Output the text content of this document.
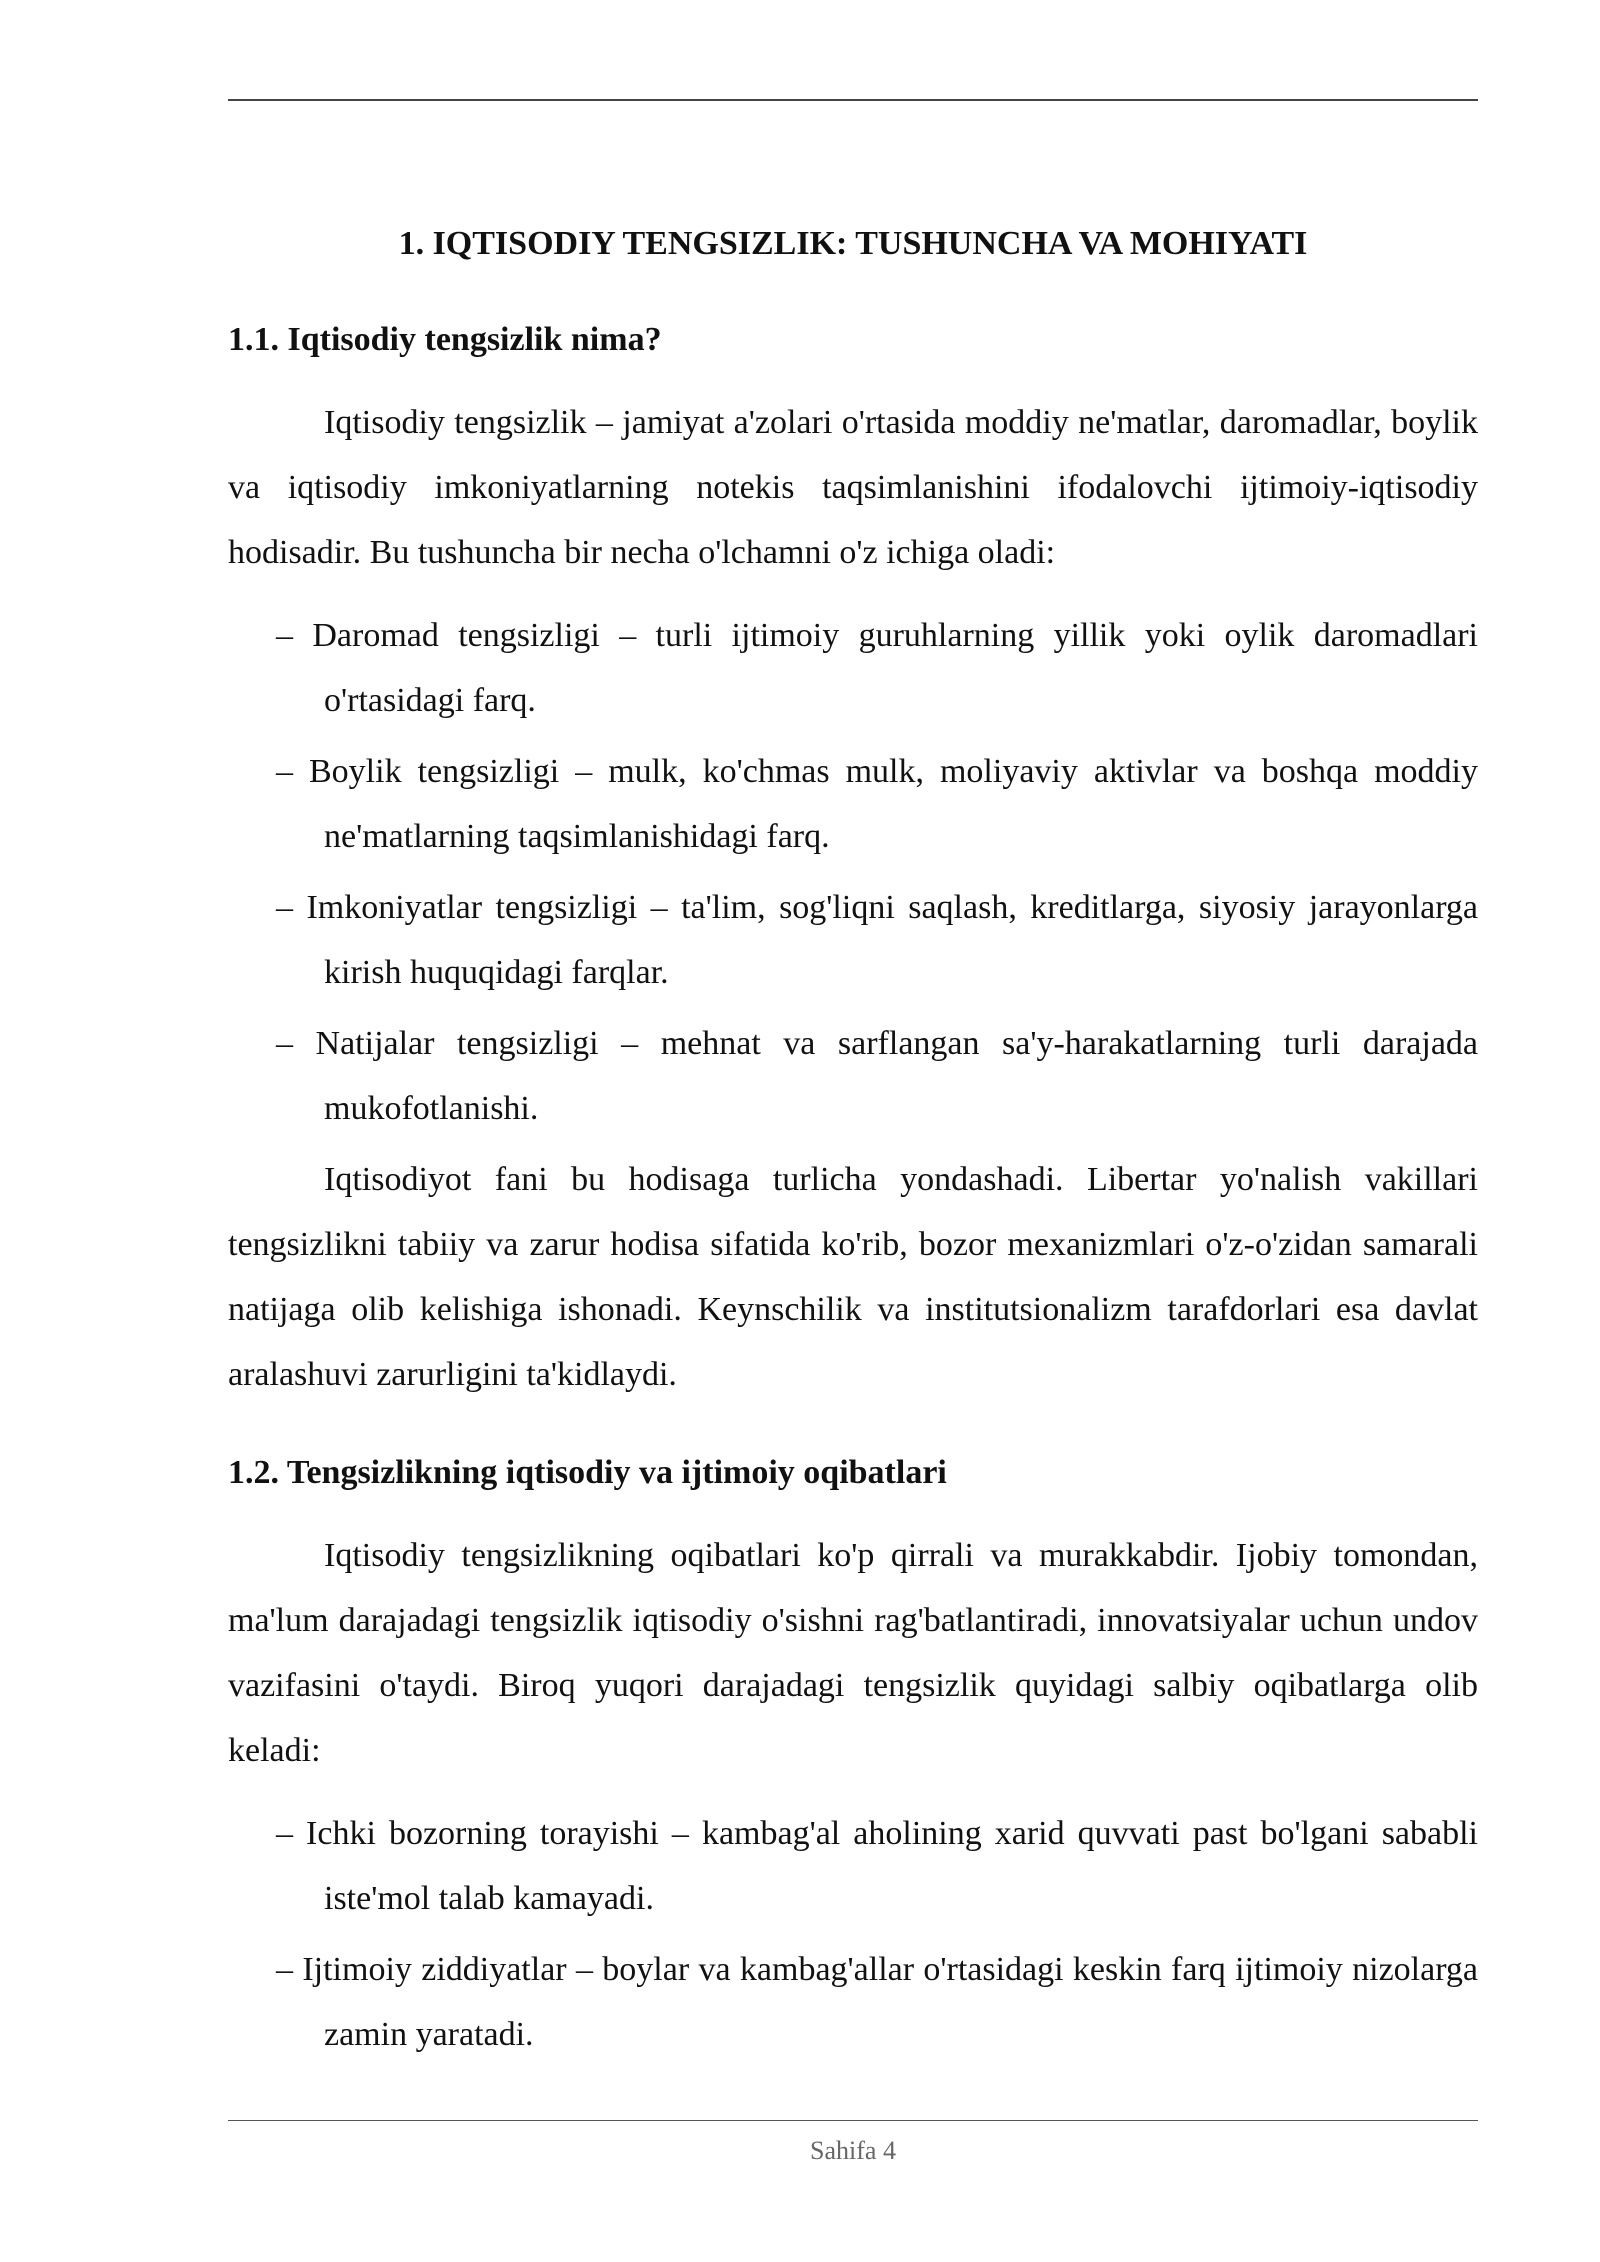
1. IQTISODIY TENGSIZLIK: TUSHUNCHA VA MOHIYATI
1.1. Iqtisodiy tengsizlik nima?

Iqtisodiy tengsizlik – jamiyat a'zolari o'rtasida moddiy ne'matlar, daromadlar, boylik va iqtisodiy imkoniyatlarning notekis taqsimlanishini ifodalovchi ijtimoiy-iqtisodiy hodisadir. Bu tushuncha bir necha o'lchamni o'z ichiga oladi:

– Daromad tengsizligi – turli ijtimoiy guruhlarning yillik yoki oylik daromadlari o'rtasidagi farq.
– Boylik tengsizligi – mulk, ko'chmas mulk, moliyaviy aktivlar va boshqa moddiy ne'matlarning taqsimlanishidagi farq.
– Imkoniyatlar tengsizligi – ta'lim, sog'liqni saqlash, kreditlarga, siyosiy jarayonlarga kirish huquqidagi farqlar.
– Natijalar tengsizligi – mehnat va sarflangan sa'y-harakatlarning turli darajada mukofotlanishi.

Iqtisodiyot fani bu hodisaga turlicha yondashadi. Libertar yo'nalish vakillari tengsizlikni tabiiy va zarur hodisa sifatida ko'rib, bozor mexanizmlari o'z-o'zidan samarali natijaga olib kelishiga ishonadi. Keynschilik va institutsionalizm tarafdorlari esa davlat aralashuvi zarurligini ta'kidlaydi.

1.2. Tengsizlikning iqtisodiy va ijtimoiy oqibatlari

Iqtisodiy tengsizlikning oqibatlari ko'p qirrali va murakkabdir. Ijobiy tomondan, ma'lum darajadagi tengsizlik iqtisodiy o'sishni rag'batlantiradi, innovatsiyalar uchun undov vazifasini o'taydi. Biroq yuqori darajadagi tengsizlik quyidagi salbiy oqibatlarga olib keladi:

– Ichki bozorning torayishi – kambag'al aholining xarid quvvati past bo'lgani sababli iste'mol talab kamayadi.
– Ijtimoiy ziddiyatlar – boylar va kambag'allar o'rtasidagi keskin farq ijtimoiy nizolarga zamin yaratadi.
Sahifa 4
